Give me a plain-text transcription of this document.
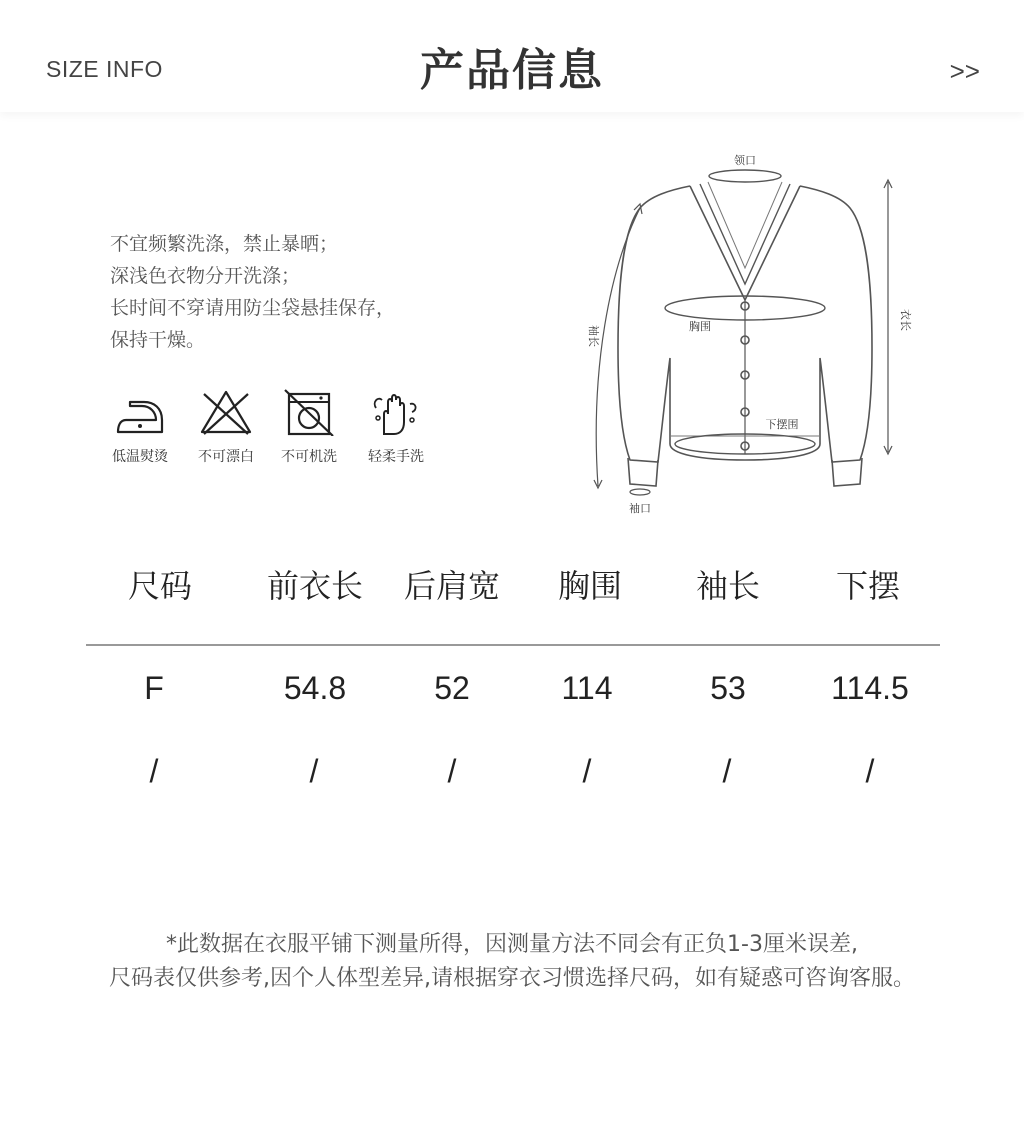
SIZE INFO	产品信息	>>
不宜频繁洗涤，禁止暴晒；
深浅色衣物分开洗涤；
长时间不穿请用防尘袋悬挂保存，
保持干燥。
低温熨烫	不可漂白	不可机洗	轻柔手洗
领口
胸围
下摆围
袖口
袖长
衣长
尺码 前衣长 后肩宽 胸围 袖长 下摆
F	54.8	52	114	53	114.5
/	/	/	/	/	/
*此数据在衣服平铺下测量所得，因测量方法不同会有正负1-3厘米误差,
尺码表仅供参考,因个人体型差异,请根据穿衣习惯选择尺码，如有疑惑可咨询客服。
